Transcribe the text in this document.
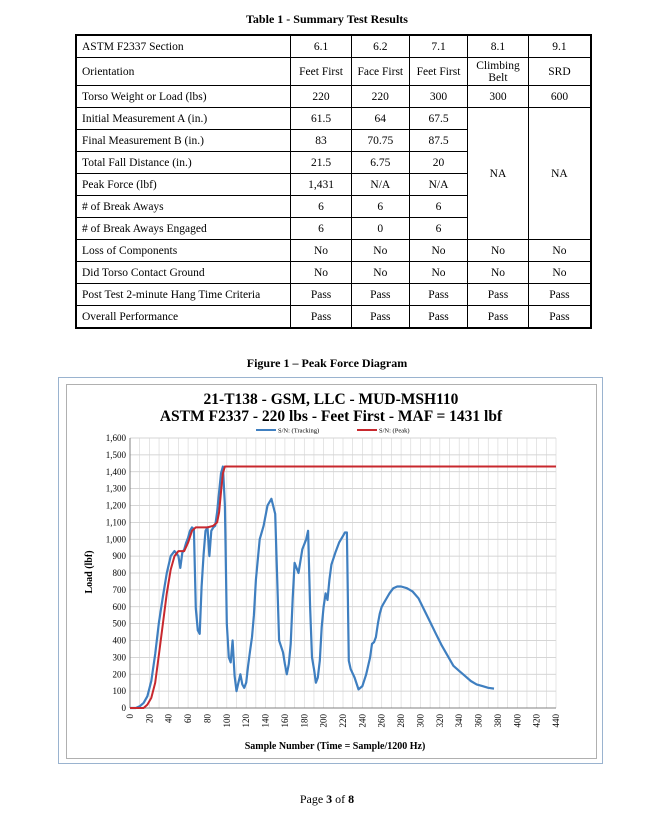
Table 1 - Summary Test Results
ASTM F2337 Section	6.1	6.2	7.1	8.1	9.1
Orientation	Feet First	Face First	Feet First	Climbing Belt	SRD
Torso Weight or Load (lbs)	220	220	300	300	600
Initial Measurement A (in.)	61.5	64	67.5	NA	NA
Final Measurement B (in.)	83	70.75	87.5		
Total Fall Distance (in.)	21.5	6.75	20		
Peak Force (lbf)	1,431	N/A	N/A		
# of Break Aways	6	6	6		
# of Break Aways Engaged	6	0	6		
Loss of Components	No	No	No	No	No
Did Torso Contact Ground	No	No	No	No	No
Post Test 2-minute Hang Time Criteria	Pass	Pass	Pass	Pass	Pass
Overall Performance	Pass	Pass	Pass	Pass	Pass
Figure 1 – Peak Force Diagram
0
100
200
300
400
500
600
700
800
900
1,000
1,100
1,200
1,300
1,400
1,500
1,600
0 20 40 60 80 100 120 140 160 180 200 220 240 260 280 300 320 340 360 380 400 420 440
21-T138 - GSM, LLC - MUD-MSH110
ASTM F2337 - 220 lbs - Feet First - MAF = 1431 lbf
S/N: (Tracking)	S/N: (Peak)
Load (lbf)
Sample Number (Time = Sample/1200 Hz)
Page 3 of 8
